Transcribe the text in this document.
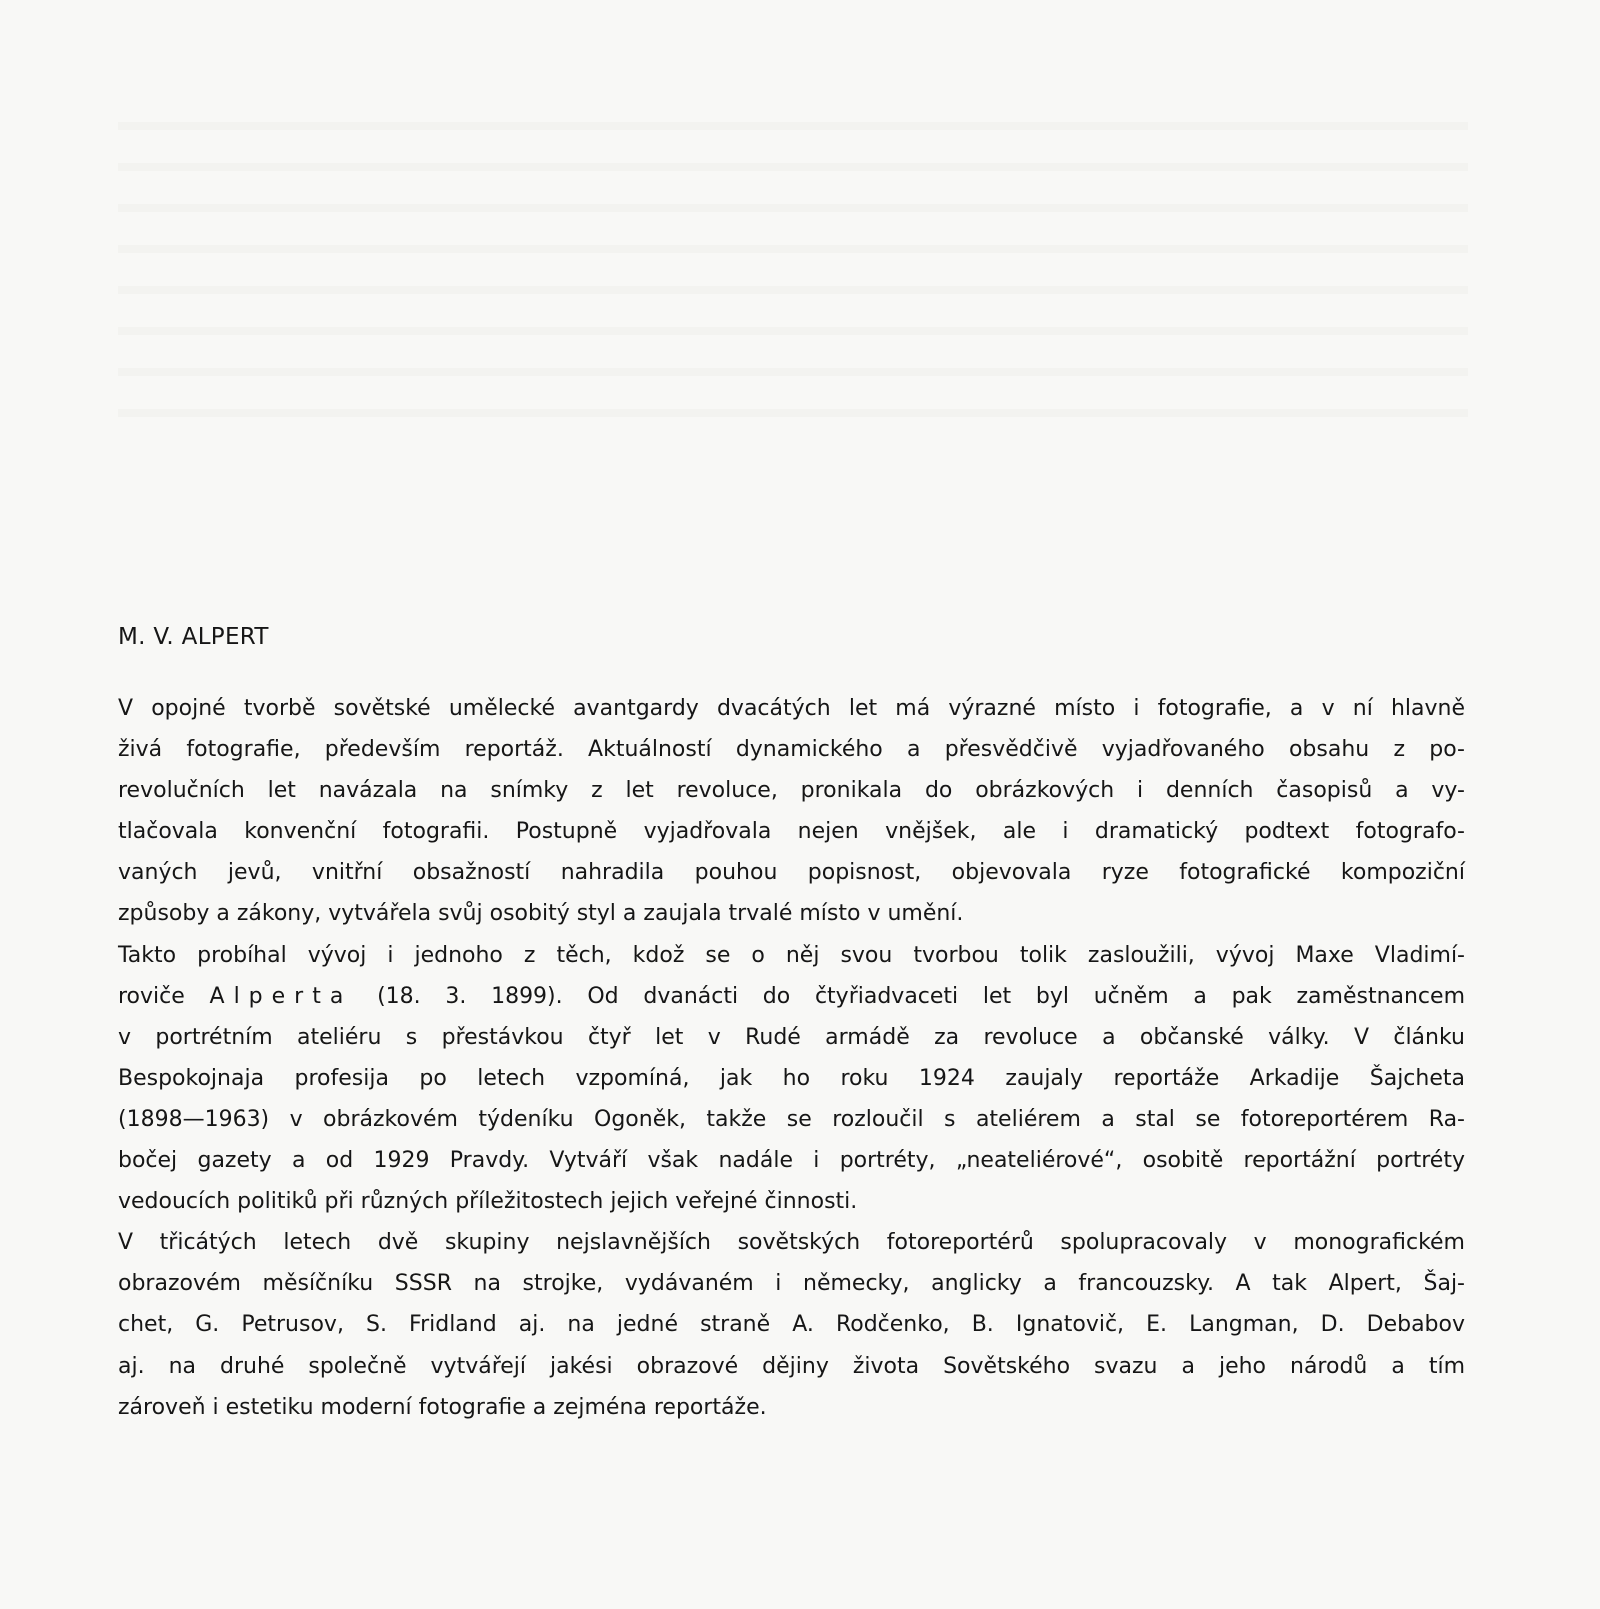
M. V. ALPERT
V opojné tvorbě sovětské umělecké avantgardy dvacátých let má výrazné místo i fotografie, a v ní hlavně
živá fotografie, především reportáž. Aktuálností dynamického a přesvědčivě vyjadřovaného obsahu z po-
revolučních let navázala na snímky z let revoluce, pronikala do obrázkových i denních časopisů a vy-
tlačovala konvenční fotografii. Postupně vyjadřovala nejen vnějšek, ale i dramatický podtext fotografo-
vaných jevů, vnitřní obsažností nahradila pouhou popisnost, objevovala ryze fotografické kompoziční
způsoby a zákony, vytvářela svůj osobitý styl a zaujala trvalé místo v umění.
Takto probíhal vývoj i jednoho z těch, kdož se o něj svou tvorbou tolik zasloužili, vývoj Maxe Vladimí-
roviče Alperta (18. 3. 1899). Od dvanácti do čtyřiadvaceti let byl učněm a pak zaměstnancem
v portrétním ateliéru s přestávkou čtyř let v Rudé armádě za revoluce a občanské války. V článku
Bespokojnaja profesija po letech vzpomíná, jak ho roku 1924 zaujaly reportáže Arkadije Šajcheta
(1898—1963) v obrázkovém týdeníku Ogoněk, takže se rozloučil s ateliérem a stal se fotoreportérem Ra-
bočej gazety a od 1929 Pravdy. Vytváří však nadále i portréty, „neateliérové“, osobitě reportážní portréty
vedoucích politiků při různých příležitostech jejich veřejné činnosti.
V třicátých letech dvě skupiny nejslavnějších sovětských fotoreportérů spolupracovaly v monografickém
obrazovém měsíčníku SSSR na strojke, vydávaném i německy, anglicky a francouzsky. A tak Alpert, Šaj-
chet, G. Petrusov, S. Fridland aj. na jedné straně A. Rodčenko, B. Ignatovič, E. Langman, D. Debabov
aj. na druhé společně vytvářejí jakési obrazové dějiny života Sovětského svazu a jeho národů a tím
zároveň i estetiku moderní fotografie a zejména reportáže.
